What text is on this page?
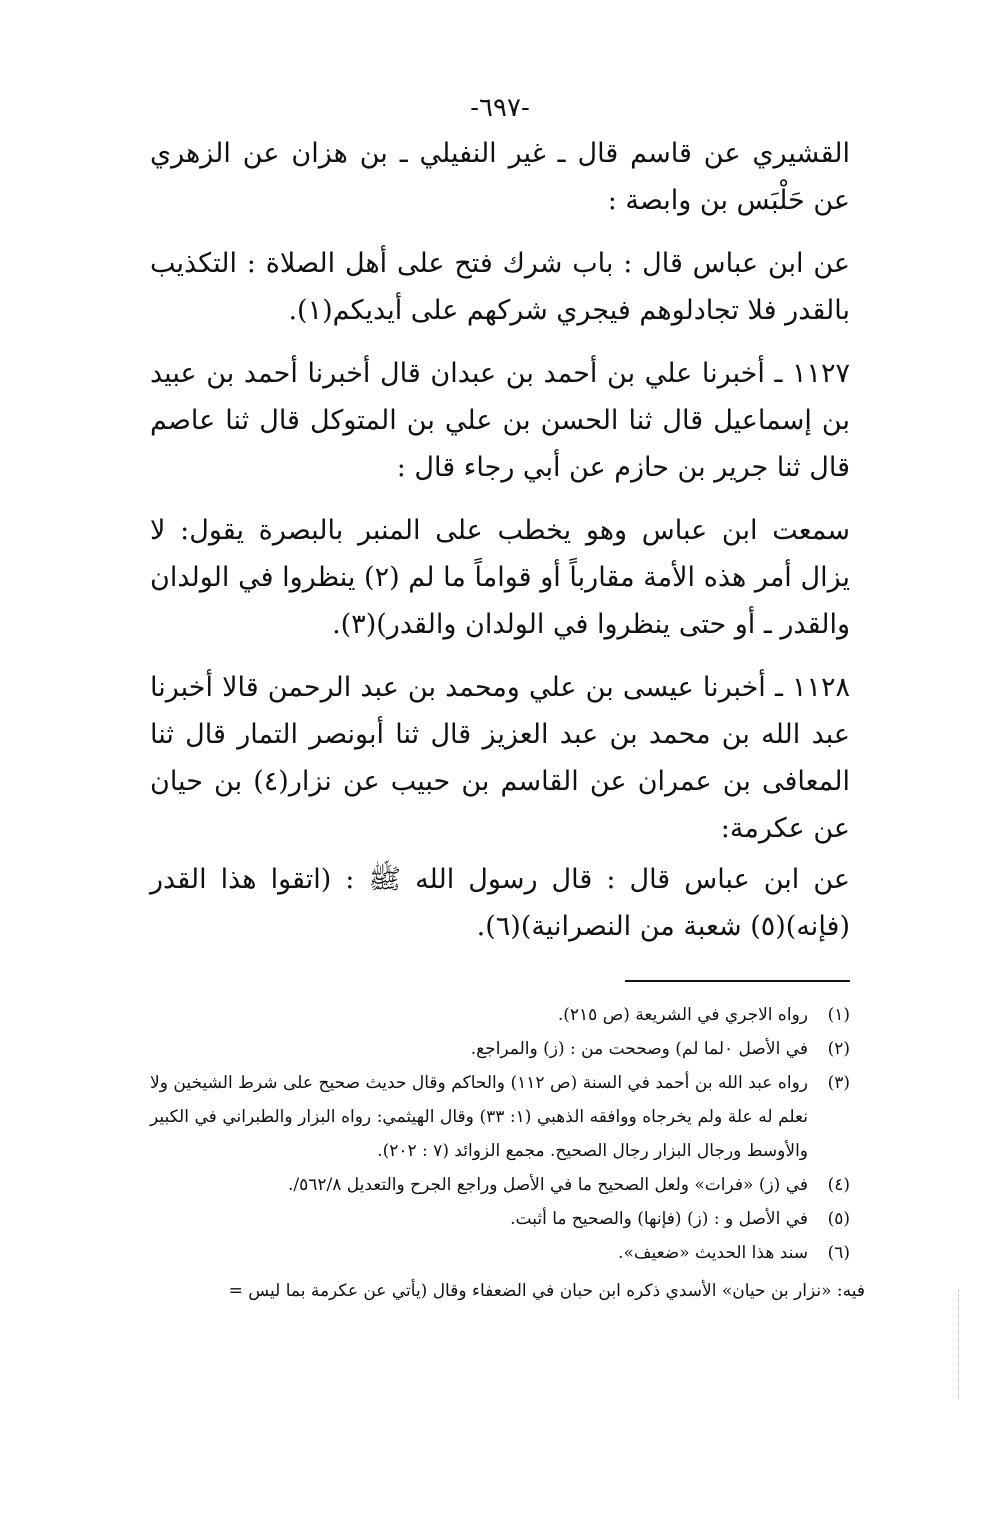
-٦٩٧-

القشيري عن قاسم قال ـ غير النفيلي ـ بن هزان عن الزهري عن حَلْبَس بن وابصة :

عن ابن عباس قال : باب شرك فتح على أهل الصلاة : التكذيب بالقدر فلا تجادلوهم فيجري شركهم على أيديكم(١).

١١٢٧ ـ أخبرنا علي بن أحمد بن عبدان قال أخبرنا أحمد بن عبيد بن إسماعيل قال ثنا الحسن بن علي بن المتوكل قال ثنا عاصم قال ثنا جرير بن حازم عن أبي رجاء قال :

سمعت ابن عباس وهو يخطب على المنبر بالبصرة يقول: لا يزال أمر هذه الأمة مقارباً أو قواماً ما لم (٢) ينظروا في الولدان والقدر ـ أو حتى ينظروا في الولدان والقدر)(٣).

١١٢٨ ـ أخبرنا عيسى بن علي ومحمد بن عبد الرحمن قالا أخبرنا عبد الله بن محمد بن عبد العزيز قال ثنا أبونصر التمار قال ثنا المعافى بن عمران عن القاسم بن حبيب عن نزار(٤) بن حيان عن عكرمة:

عن ابن عباس قال : قال رسول الله ﷺ : (اتقوا هذا القدر (فإنه)(٥) شعبة من النصرانية)(٦).

(١)
رواه الاجري في الشريعة (ص ٢١٥).
(٢)
في الأصل ٠لما لم) وصححت من : (ز) والمراجع.
(٣)
رواه عبد الله بن أحمد في السنة (ص ١١٢) والحاكم وقال حديث صحيح على شرط الشيخين ولا نعلم له علة ولم يخرجاه ووافقه الذهبي (١: ٣٣) وقال الهيثمي: رواه البزار والطبراني في الكبير والأوسط ورجال البزار رجال الصحيح. مجمع الزوائد (٧ : ٢٠٢).
(٤)
في (ز) «فرات» ولعل الصحيح ما في الأصل وراجع الجرح والتعديل ٥٦٢/٨/.
(٥)
في الأصل و : (ز) (فإنها) والصحيح ما أثبت.
(٦)
سند هذا الحديث «ضعيف».
فيه: «نزار بن حيان» الأسدي ذكره ابن حبان في الضعفاء وقال (يأتي عن عكرمة بما ليس =
